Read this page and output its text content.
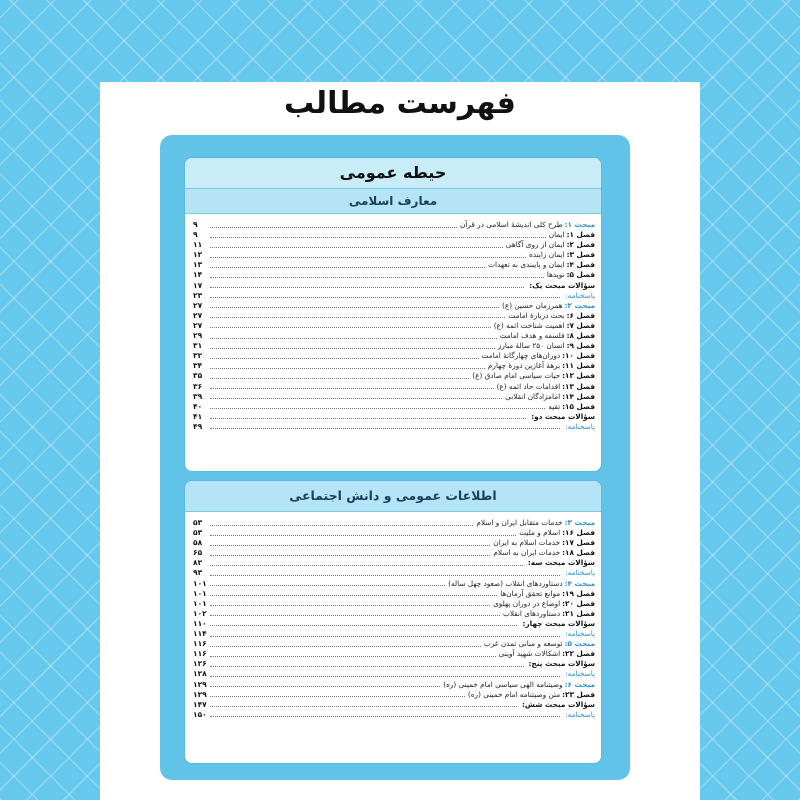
فهرست مطالب
حیطه عمومی
معارف اسلامی
مبحث ۱:
طرح کلی اندیشهٔ اسلامی در قرآن
۹
فصل ۱:
ایمان
۹
فصل ۲:
ایمان از روی آگاهی
۱۱
فصل ۳:
ایمان زاینده
۱۲
فصل ۴:
ایمان و پایبندی به تعهدات
۱۳
فصل ۵:
نویدها
۱۴
سؤالات مبحث یک:
۱۷
پاسخنامه:
۲۳
مبحث ۲:
همرزمان حسین (ع)
۲۷
فصل ۶:
بحث دربارهٔ امامت
۲۷
فصل ۷:
اهمیت شناخت ائمه (ع)
۲۷
فصل ۸:
فلسفه و هدف امامت
۲۹
فصل ۹:
انسان ۲۵۰ سالهٔ مبارز
۳۱
فصل ۱۰:
دوران‌های چهارگانهٔ امامت
۳۲
فصل ۱۱:
برههٔ آغازین دورهٔ چهارم
۳۴
فصل ۱۲:
حیات سیاسی امام صادق (ع)
۳۵
فصل ۱۳:
اقدامات حاد ائمه (ع)
۳۶
فصل ۱۴:
امامزادگان انقلابی
۳۹
فصل ۱۵:
تقیه
۴۰
سؤالات مبحث دو:
۴۱
پاسخنامه:
۴۹
اطلاعات عمومی و دانش اجتماعی
مبحث ۳:
خدمات متقابل ایران و اسلام
۵۳
فصل ۱۶:
اسلام و ملیت
۵۳
فصل ۱۷:
خدمات اسلام به ایران
۵۸
فصل ۱۸:
خدمات ایران به اسلام
۶۵
سؤالات مبحث سه:
۸۲
پاسخنامه:
۹۳
مبحث ۴:
دستاوردهای انقلاب (صعود چهل ساله)
۱۰۱
فصل ۱۹:
موانع تحقق آرمان‌ها
۱۰۱
فصل ۲۰:
اوضاع در دوران پهلوی
۱۰۱
فصل ۲۱:
دستاوردهای انقلاب
۱۰۲
سؤالات مبحث چهار:
۱۱۰
پاسخنامه:
۱۱۴
مبحث ۵:
توسعه و مبانی تمدن غرب
۱۱۶
فصل ۲۲:
اشکالات شهید آوینی
۱۱۶
سؤالات مبحث پنج:
۱۲۶
پاسخنامه:
۱۲۸
مبحث ۶:
وصیتنامه الهی سیاسی امام خمینی (ره)
۱۲۹
فصل ۲۳:
متن وصیتنامه امام خمینی (ره)
۱۲۹
سؤالات مبحث شش:
۱۴۷
پاسخنامه:
۱۵۰
